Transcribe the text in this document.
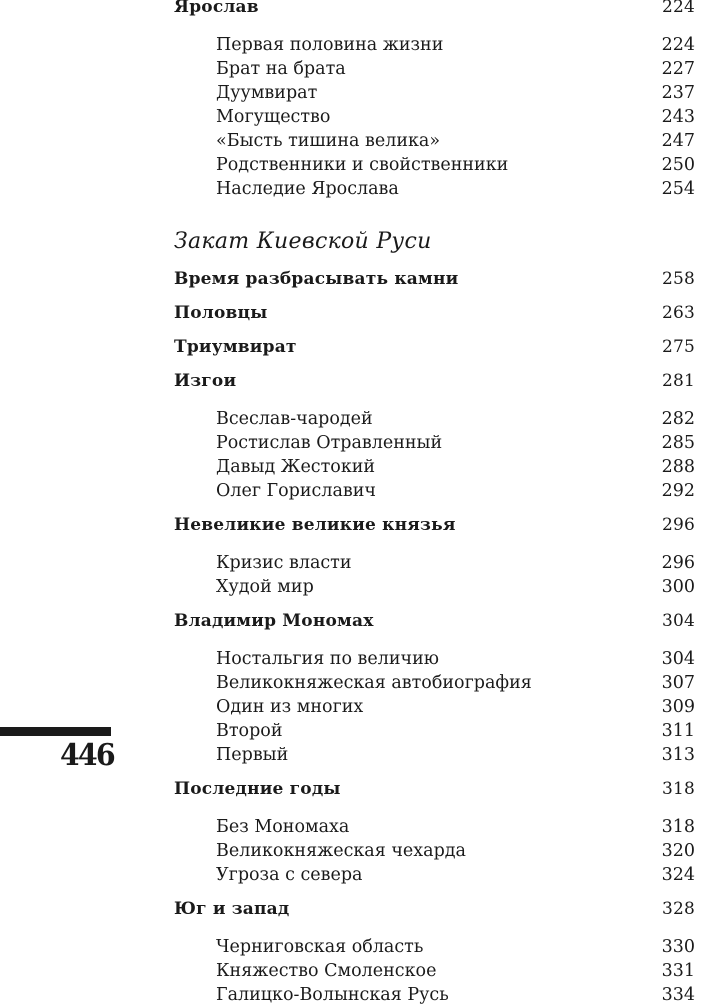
Закат Киевской Руси
Ярослав	224
Первая половина жизни	224
Брат на брата	227
Дуумвират	237
Могущество	243
«Бысть тишина велика»	247
Родственники и свойственники	250
Наследие Ярослава	254
Время разбрасывать камни	258
Половцы	263
Триумвират	275
Изгои	281
Всеслав-чародей	282
Ростислав Отравленный	285
Давыд Жестокий	288
Олег Гориславич	292
Невеликие великие князья	296
Кризис власти	296
Худой мир	300
Владимир Мономах	304
Ностальгия по величию	304
Великокняжеская автобиография	307
Один из многих	309
Второй	311
Первый	313
Последние годы	318
Без Мономаха	318
Великокняжеская чехарда	320
Угроза с севера	324
Юг и запад	328
Черниговская область	330
Княжество Смоленское	331
Галицко-Волынская Русь	334
446
